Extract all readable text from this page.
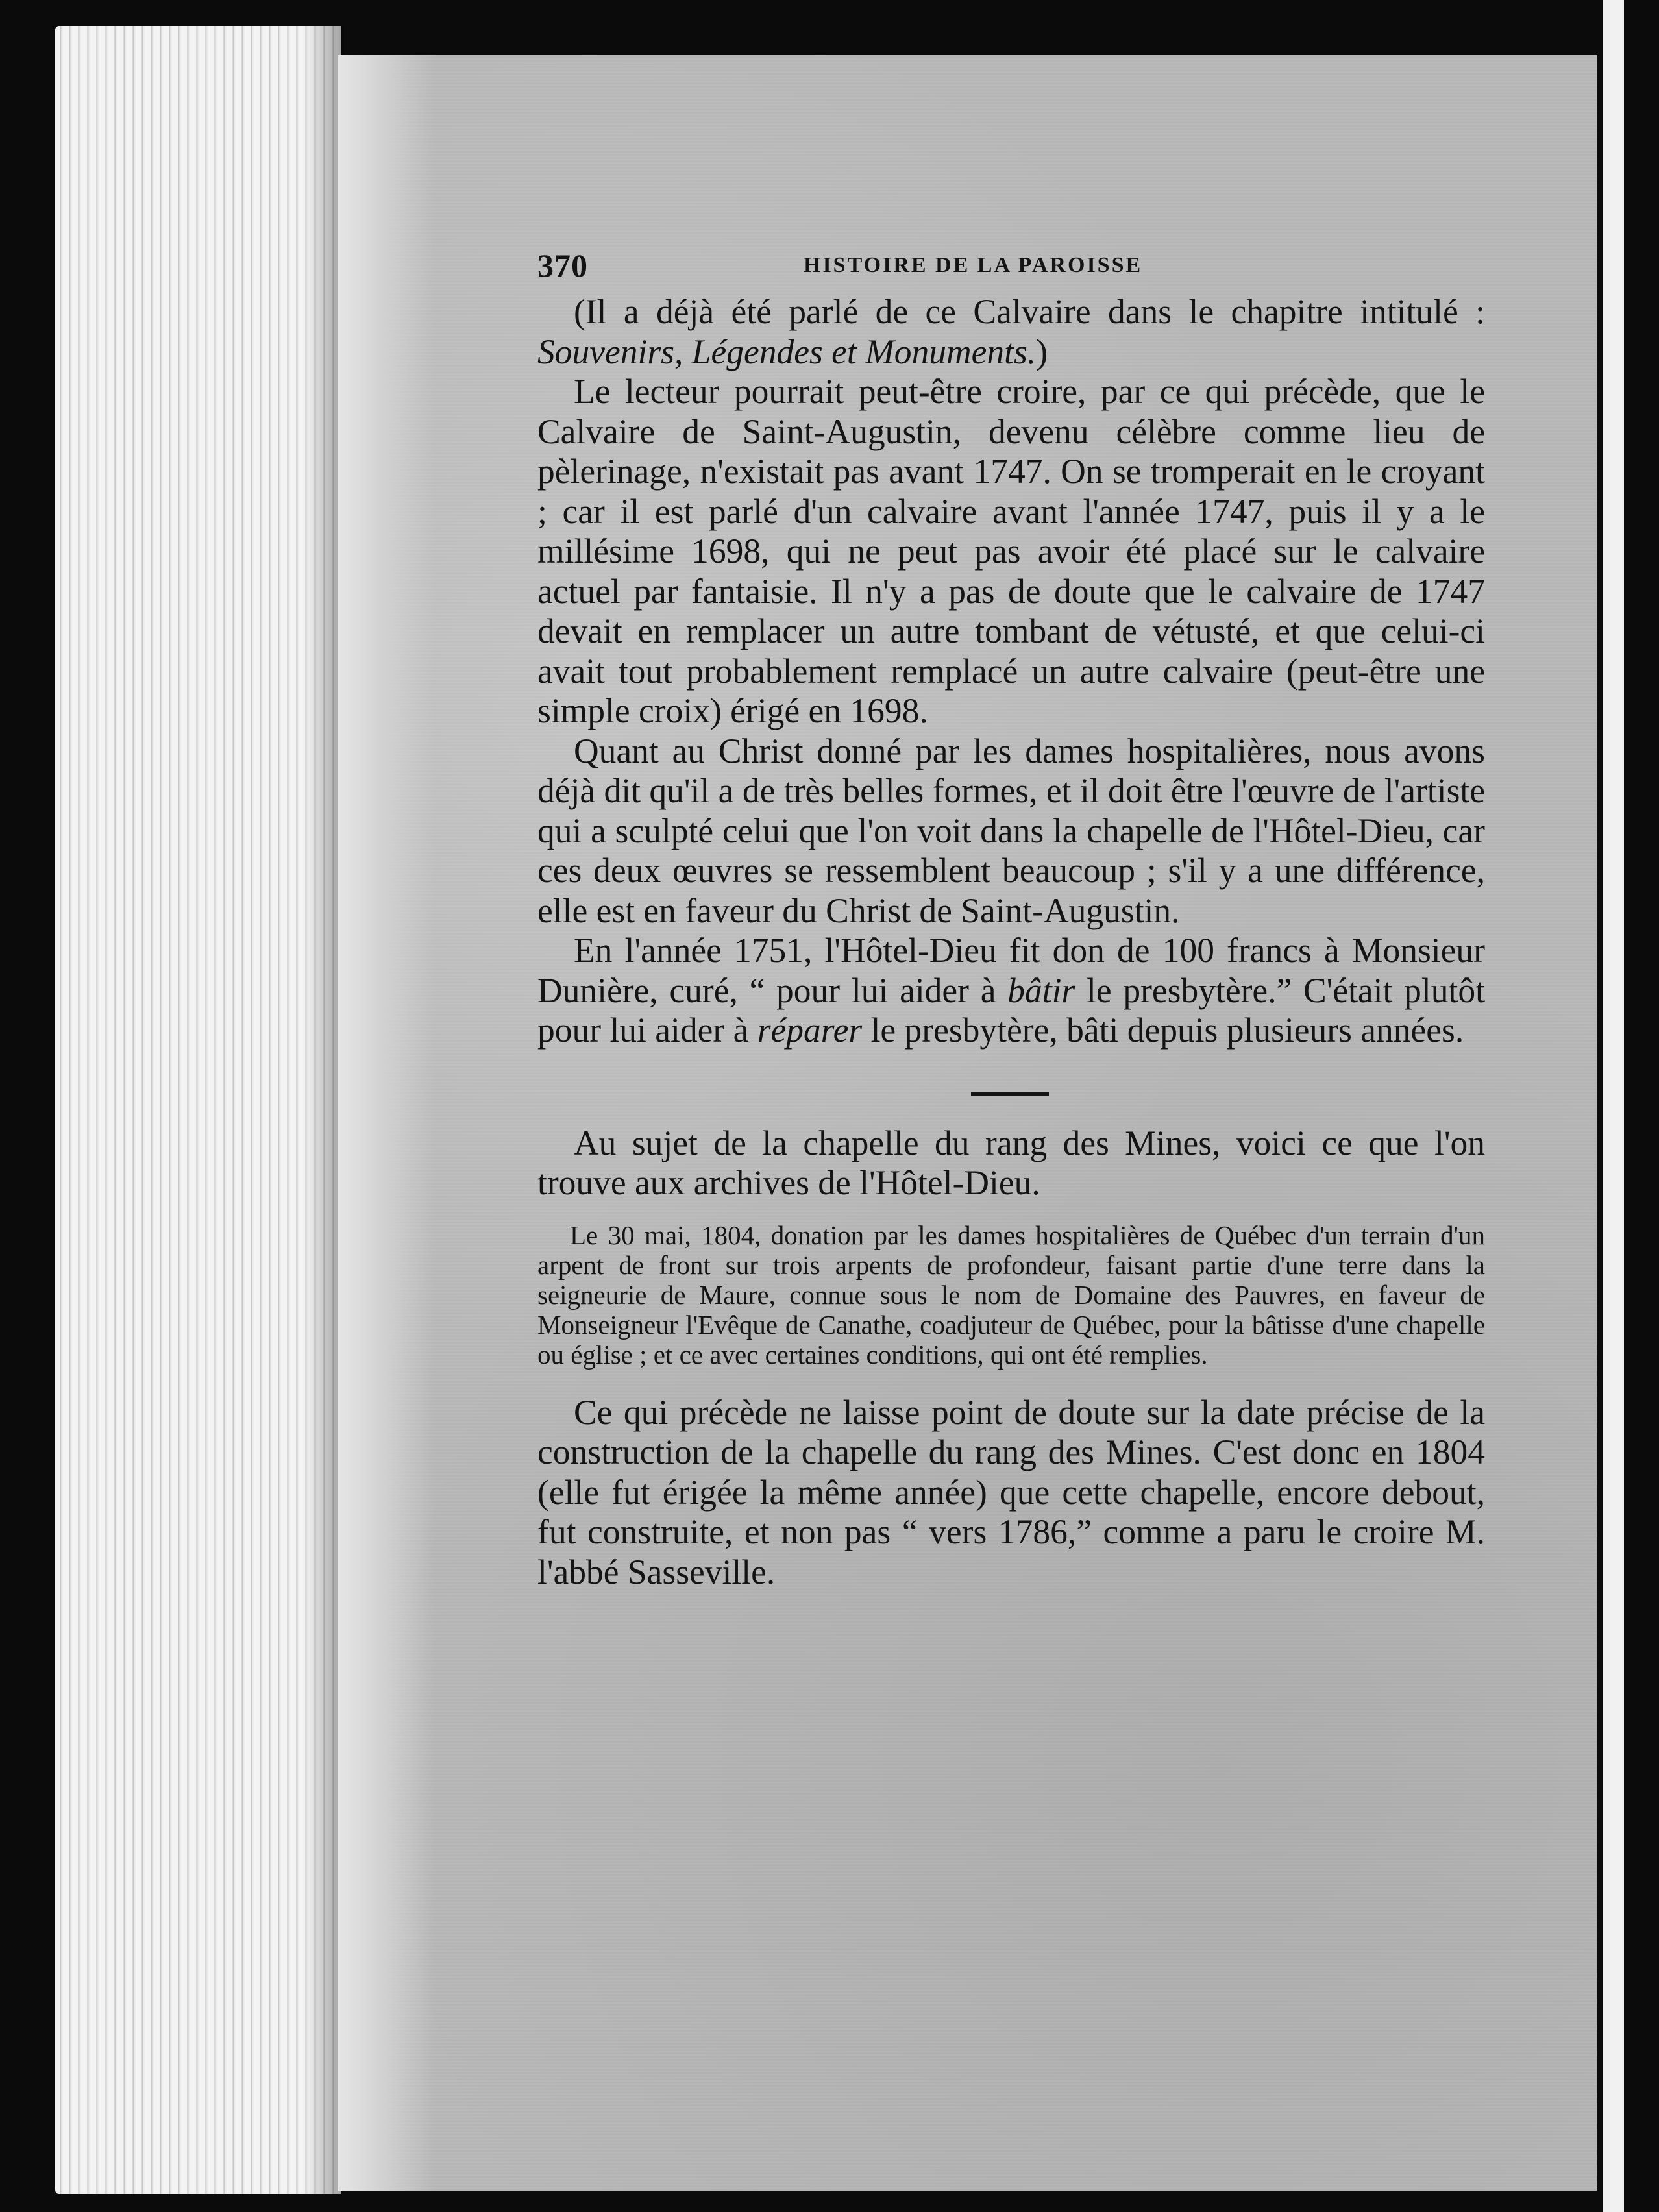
370	HISTOIRE DE LA PAROISSE

(Il a déjà été parlé de ce Calvaire dans le chapitre intitulé : Souvenirs, Légendes et Monuments.)

Le lecteur pourrait peut-être croire, par ce qui précède, que le Calvaire de Saint-Augustin, devenu célèbre comme lieu de pèlerinage, n'existait pas avant 1747. On se tromperait en le croyant ; car il est parlé d'un calvaire avant l'année 1747, puis il y a le millésime 1698, qui ne peut pas avoir été placé sur le calvaire actuel par fantaisie. Il n'y a pas de doute que le calvaire de 1747 devait en remplacer un autre tombant de vétusté, et que celui-ci avait tout probablement remplacé un autre calvaire (peut-être une simple croix) érigé en 1698.

Quant au Christ donné par les dames hospitalières, nous avons déjà dit qu'il a de très belles formes, et il doit être l'œuvre de l'artiste qui a sculpté celui que l'on voit dans la chapelle de l'Hôtel-Dieu, car ces deux œuvres se ressemblent beaucoup ; s'il y a une différence, elle est en faveur du Christ de Saint-Augustin.

En l'année 1751, l'Hôtel-Dieu fit don de 100 francs à Monsieur Dunière, curé, “ pour lui aider à bâtir le presbytère.” C'était plutôt pour lui aider à réparer le presbytère, bâti depuis plusieurs années.

Au sujet de la chapelle du rang des Mines, voici ce que l'on trouve aux archives de l'Hôtel-Dieu.

Le 30 mai, 1804, donation par les dames hospitalières de Québec d'un terrain d'un arpent de front sur trois arpents de profondeur, faisant partie d'une terre dans la seigneurie de Maure, connue sous le nom de Domaine des Pauvres, en faveur de Monseigneur l'Evêque de Canathe, coadjuteur de Québec, pour la bâtisse d'une chapelle ou église ; et ce avec certaines conditions, qui ont été remplies.

Ce qui précède ne laisse point de doute sur la date précise de la construction de la chapelle du rang des Mines. C'est donc en 1804 (elle fut érigée la même année) que cette chapelle, encore debout, fut construite, et non pas “ vers 1786,” comme a paru le croire M. l'abbé Sasseville.
